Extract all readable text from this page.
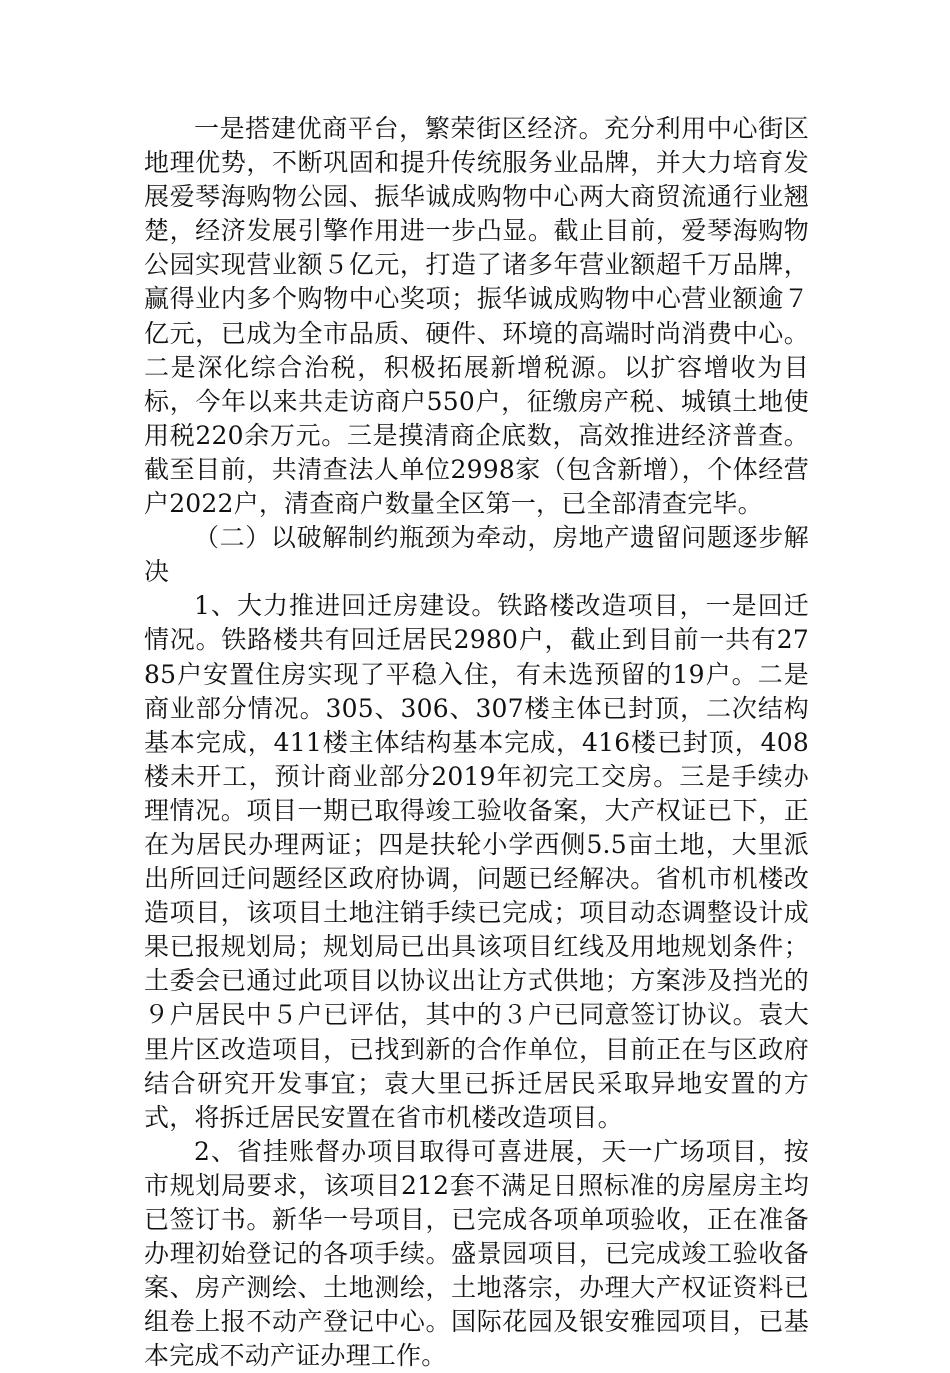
一是搭建优商平台，繁荣街区经济。充分利用中心街区地理优势，不断巩固和提升传统服务业品牌，并大力培育发展爱琴海购物公园、振华诚成购物中心两大商贸流通行业翘楚，经济发展引擎作用进一步凸显。截止目前，爱琴海购物公园实现营业额５亿元，打造了诸多年营业额超千万品牌，赢得业内多个购物中心奖项；振华诚成购物中心营业额逾７亿元，已成为全市品质、硬件、环境的高端时尚消费中心。二是深化综合治税，积极拓展新增税源。以扩容增收为目标，今年以来共走访商户550户，征缴房产税、城镇土地使用税220余万元。三是摸清商企底数，高效推进经济普查。截至目前，共清查法人单位2998家（包含新增），个体经营户2022户，清查商户数量全区第一，已全部清查完毕。

（二）以破解制约瓶颈为牵动，房地产遗留问题逐步解决

1、大力推进回迁房建设。铁路楼改造项目，一是回迁情况。铁路楼共有回迁居民2980户，截止到目前一共有2785户安置住房实现了平稳入住，有未选预留的19户。二是商业部分情况。305、306、307楼主体已封顶，二次结构基本完成，411楼主体结构基本完成，416楼已封顶，408楼未开工，预计商业部分2019年初完工交房。三是手续办理情况。项目一期已取得竣工验收备案，大产权证已下，正在为居民办理两证；四是扶轮小学西侧5.5亩土地，大里派出所回迁问题经区政府协调，问题已经解决。省机市机楼改造项目，该项目土地注销手续已完成；项目动态调整设计成果已报规划局；规划局已出具该项目红线及用地规划条件；土委会已通过此项目以协议出让方式供地；方案涉及挡光的９户居民中５户已评估，其中的３户已同意签订协议。袁大里片区改造项目，已找到新的合作单位，目前正在与区政府结合研究开发事宜；袁大里已拆迁居民采取异地安置的方式，将拆迁居民安置在省市机楼改造项目。

2、省挂账督办项目取得可喜进展，天一广场项目，按市规划局要求，该项目212套不满足日照标准的房屋房主均已签订书。新华一号项目，已完成各项单项验收，正在准备办理初始登记的各项手续。盛景园项目，已完成竣工验收备案、房产测绘、土地测绘，土地落宗，办理大产权证资料已组卷上报不动产登记中心。国际花园及银安雅园项目，已基本完成不动产证办理工作。
